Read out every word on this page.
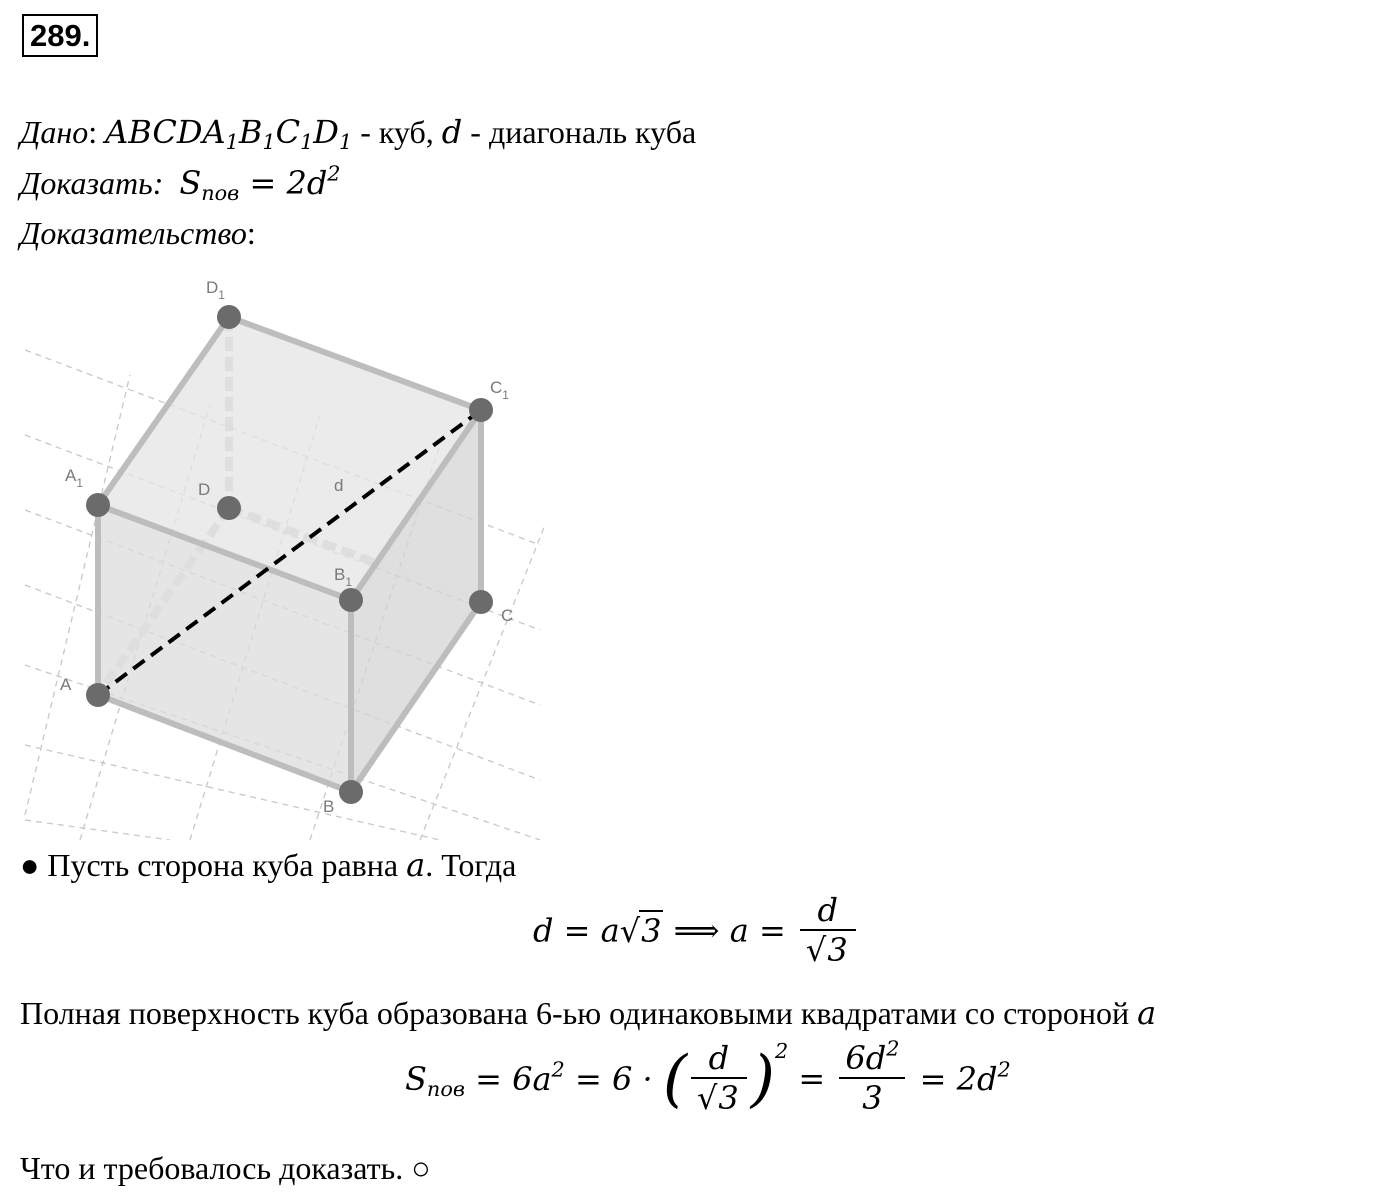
289.
Дано: $ABCDA_1B_1C_1D_1$ - куб, d - диагональ куба
Доказать: $S_{пов} = 2d^2$
Доказательство:
A
B
C
D
$A_1$
$B_1$
$C_1$
$D_1$
d
● Пусть сторона куба равна a. Тогда
d = a√3 ⟹ $a = \frac{d}{√3}$
Полная поверхность куба образована 6-ью одинаковыми квадратами со стороной a
$S_{пов} = 6a^2 = 6$ · ( $\frac{d}{√3} )^2 = \frac{6d^2}{3} = 2d^2$
Что и требовалось доказать. ○
